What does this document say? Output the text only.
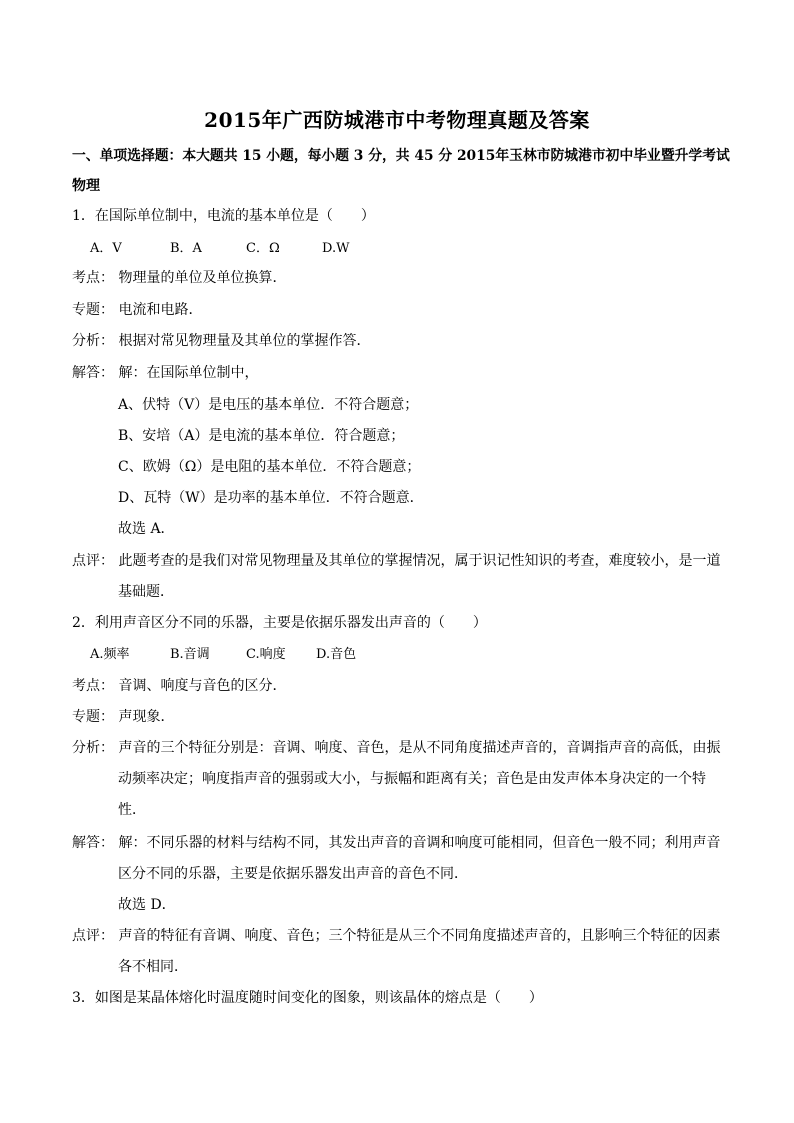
2015年广西防城港市中考物理真题及答案
一、单项选择题：本大题共 15 小题，每小题 3 分，共 45 分 2015年玉林市防城港市初中毕业暨升学考试
物理
1．在国际单位制中，电流的基本单位是（　　）
A．V	B．A	C．Ω	D.W
考点： 物理量的单位及单位换算．
专题： 电流和电路．
分析： 根据对常见物理量及其单位的掌握作答．
解答： 解：在国际单位制中，
A、伏特（V）是电压的基本单位．不符合题意；
B、安培（A）是电流的基本单位．符合题意；
C、欧姆（Ω）是电阻的基本单位．不符合题意；
D、瓦特（W）是功率的基本单位．不符合题意．
故选 A．
点评： 此题考查的是我们对常见物理量及其单位的掌握情况，属于识记性知识的考查，难度较小，是一道
基础题．
2．利用声音区分不同的乐器，主要是依据乐器发出声音的（　　）
A.频率	B.音调	C.响度 D.音色
考点： 音调、响度与音色的区分．
专题： 声现象．
分析： 声音的三个特征分别是：音调、响度、音色，是从不同角度描述声音的，音调指声音的高低，由振
动频率决定；响度指声音的强弱或大小，与振幅和距离有关；音色是由发声体本身决定的一个特
性．
解答： 解：不同乐器的材料与结构不同，其发出声音的音调和响度可能相同，但音色一般不同；利用声音
区分不同的乐器，主要是依据乐器发出声音的音色不同．
故选 D．
点评： 声音的特征有音调、响度、音色；三个特征是从三个不同角度描述声音的，且影响三个特征的因素
各不相同．
3．如图是某晶体熔化时温度随时间变化的图象，则该晶体的熔点是（　　）
